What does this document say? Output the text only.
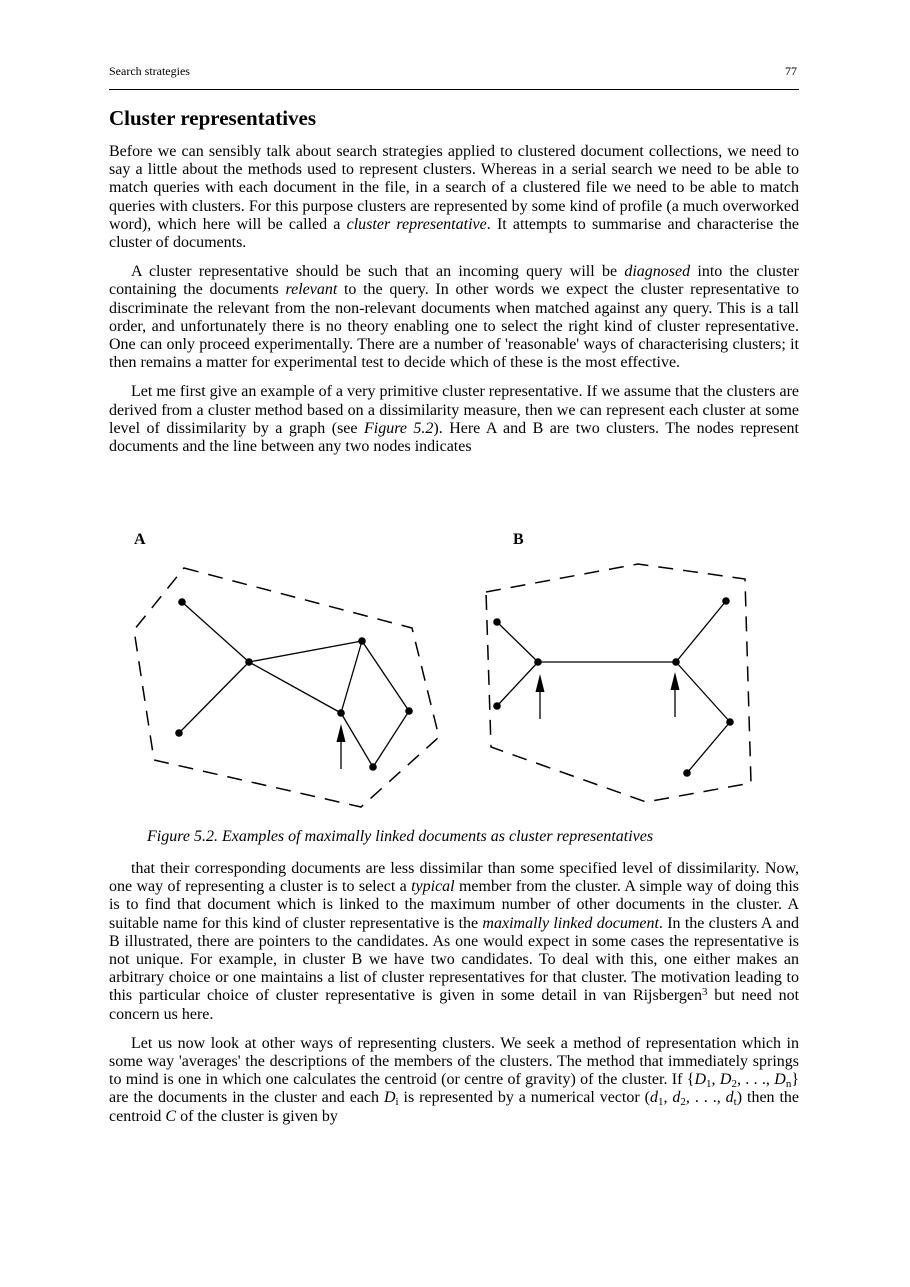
Search strategies	77
Cluster representatives

Before we can sensibly talk about search strategies applied to clustered document collections, we need to say a little about the methods used to represent clusters. Whereas in a serial search we need to be able to match queries with each document in the file, in a search of a clustered file we need to be able to match queries with clusters. For this purpose clusters are represented by some kind of profile (a much overworked word), which here will be called a cluster representative. It attempts to summarise and characterise the cluster of documents.

A cluster representative should be such that an incoming query will be diagnosed into the cluster containing the documents relevant to the query. In other words we expect the cluster representative to discriminate the relevant from the non-relevant documents when matched against any query. This is a tall order, and unfortunately there is no theory enabling one to select the right kind of cluster representative. One can only proceed experimentally. There are a number of 'reasonable' ways of characterising clusters; it then remains a matter for experimental test to decide which of these is the most effective.

Let me first give an example of a very primitive cluster representative. If we assume that the clusters are derived from a cluster method based on a dissimilarity measure, then we can represent each cluster at some level of dissimilarity by a graph (see Figure 5.2). Here A and B are two clusters. The nodes represent documents and the line between any two nodes indicates

A	B
Figure 5.2. Examples of maximally linked documents as cluster representatives

that their corresponding documents are less dissimilar than some specified level of dissimilarity. Now, one way of representing a cluster is to select a typical member from the cluster. A simple way of doing this is to find that document which is linked to the maximum number of other documents in the cluster. A suitable name for this kind of cluster representative is the maximally linked document. In the clusters A and B illustrated, there are pointers to the candidates. As one would expect in some cases the representative is not unique. For example, in cluster B we have two candidates. To deal with this, one either makes an arbitrary choice or one maintains a list of cluster representatives for that cluster. The motivation leading to this particular choice of cluster representative is given in some detail in van Rijsbergen$^3$ but need not concern us here.

Let us now look at other ways of representing clusters. We seek a method of representation which in some way 'averages' the descriptions of the members of the clusters. The method that immediately springs to mind is one in which one calculates the centroid (or centre of gravity) of the cluster. If {$D_1$, $D_2$, . . ., $D_n$} are the documents in the cluster and each $D_i$ is represented by a numerical vector ($d_1$, $d_2$, . . ., $d_t$) then the centroid C of the cluster is given by
